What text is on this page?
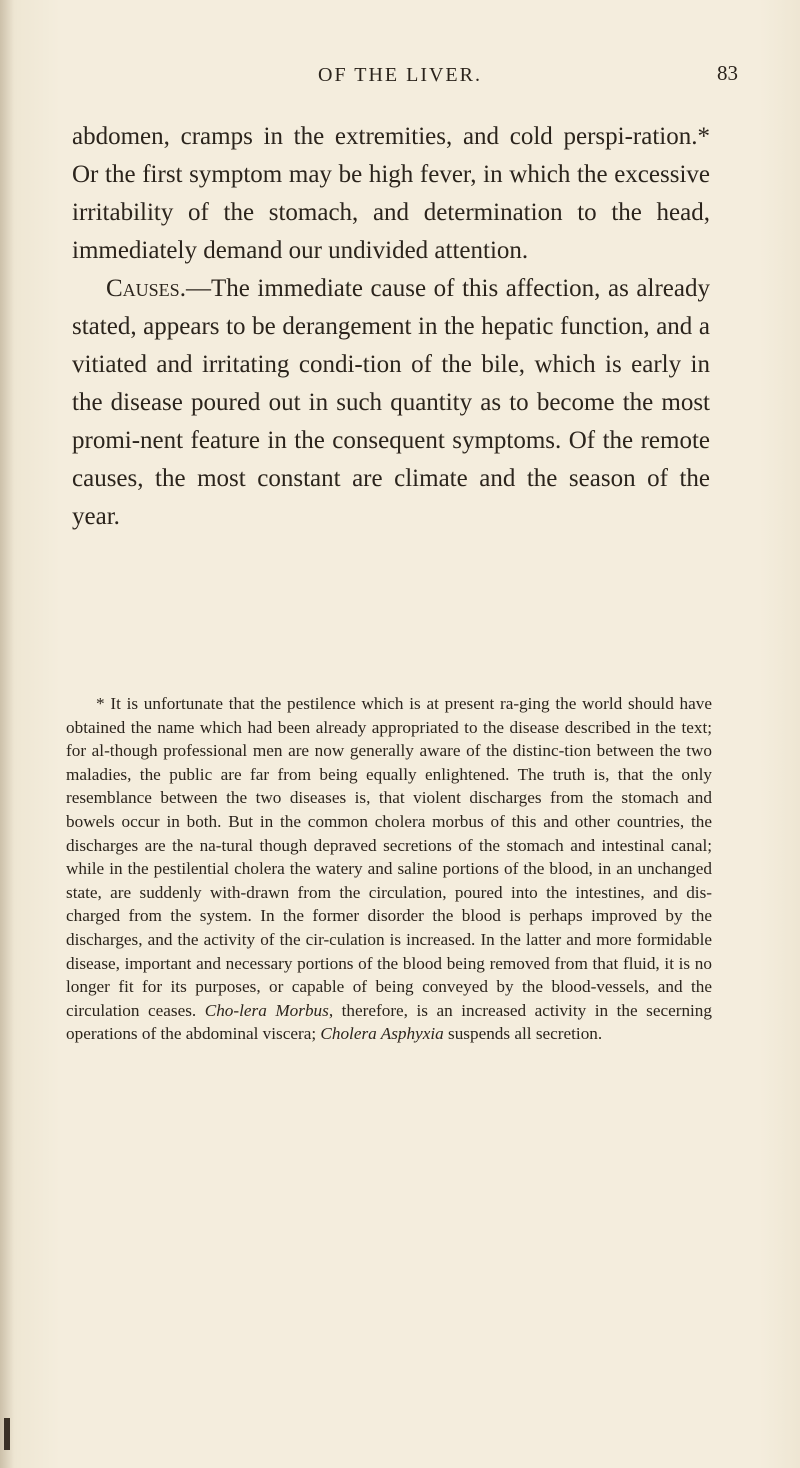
OF THE LIVER.	83

abdomen, cramps in the extremities, and cold perspi-ration.* Or the first symptom may be high fever, in which the excessive irritability of the stomach, and determination to the head, immediately demand our undivided attention.

Causes.—The immediate cause of this affection, as already stated, appears to be derangement in the hepatic function, and a vitiated and irritating condi-tion of the bile, which is early in the disease poured out in such quantity as to become the most promi-nent feature in the consequent symptoms. Of the remote causes, the most constant are climate and the season of the year.

* It is unfortunate that the pestilence which is at present ra-ging the world should have obtained the name which had been already appropriated to the disease described in the text; for al-though professional men are now generally aware of the distinc-tion between the two maladies, the public are far from being equally enlightened. The truth is, that the only resemblance between the two diseases is, that violent discharges from the stomach and bowels occur in both. But in the common cholera morbus of this and other countries, the discharges are the na-tural though depraved secretions of the stomach and intestinal canal; while in the pestilential cholera the watery and saline portions of the blood, in an unchanged state, are suddenly with-drawn from the circulation, poured into the intestines, and dis-charged from the system. In the former disorder the blood is perhaps improved by the discharges, and the activity of the cir-culation is increased. In the latter and more formidable disease, important and necessary portions of the blood being removed from that fluid, it is no longer fit for its purposes, or capable of being conveyed by the blood-vessels, and the circulation ceases. Cho-lera Morbus, therefore, is an increased activity in the secerning operations of the abdominal viscera; Cholera Asphyxia suspends all secretion.
